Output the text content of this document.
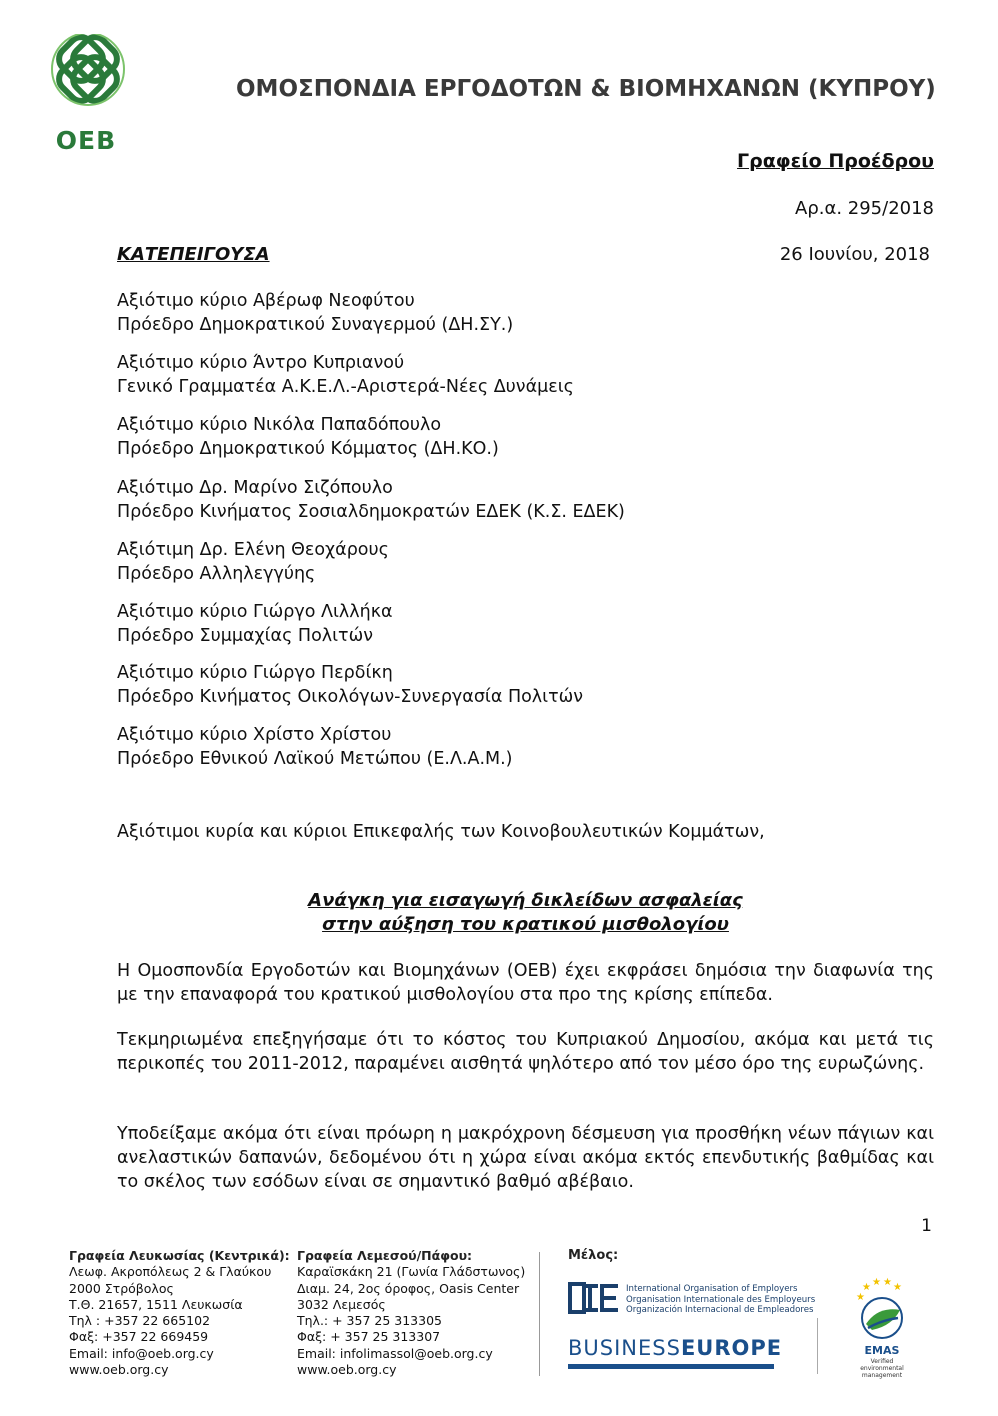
OEB
ΟΜΟΣΠΟΝΔΙΑ ΕΡΓΟΔΟΤΩΝ & ΒΙΟΜΗΧΑΝΩΝ (ΚΥΠΡΟΥ)
Γραφείο Προέδρου
Αρ.α. 295/2018
ΚΑΤΕΠΕΙΓΟΥΣΑ	26 Ιουνίου, 2018
Αξιότιμο κύριο Αβέρωφ Νεοφύτου
Πρόεδρο Δημοκρατικού Συναγερμού (ΔΗ.ΣΥ.)
Αξιότιμο κύριο Άντρο Κυπριανού
Γενικό Γραμματέα Α.Κ.Ε.Λ.-Αριστερά-Νέες Δυνάμεις
Αξιότιμο κύριο Νικόλα Παπαδόπουλο
Πρόεδρο Δημοκρατικού Κόμματος (ΔΗ.ΚΟ.)
Αξιότιμο Δρ. Μαρίνο Σιζόπουλο
Πρόεδρο Κινήματος Σοσιαλδημοκρατών ΕΔΕΚ (Κ.Σ. ΕΔΕΚ)
Αξιότιμη Δρ. Ελένη Θεοχάρους
Πρόεδρο Αλληλεγγύης
Αξιότιμο κύριο Γιώργο Λιλλήκα
Πρόεδρο Συμμαχίας Πολιτών
Αξιότιμο κύριο Γιώργο Περδίκη
Πρόεδρο Κινήματος Οικολόγων-Συνεργασία Πολιτών
Αξιότιμο κύριο Χρίστο Χρίστου
Πρόεδρο Εθνικού Λαϊκού Μετώπου (Ε.Λ.Α.Μ.)
Αξιότιμοι κυρία και κύριοι Επικεφαλής των Κοινοβουλευτικών Κομμάτων,
Ανάγκη για εισαγωγή δικλείδων ασφαλείας
στην αύξηση του κρατικού μισθολογίου
Η Ομοσπονδία Εργοδοτών και Βιομηχάνων (ΟΕΒ) έχει εκφράσει δημόσια την διαφωνία της με την επαναφορά του κρατικού μισθολογίου στα προ της κρίσης επίπεδα.
Τεκμηριωμένα επεξηγήσαμε ότι το κόστος του Κυπριακού Δημοσίου, ακόμα και μετά τις περικοπές του 2011-2012, παραμένει αισθητά ψηλότερο από τον μέσο όρο της ευρωζώνης.
Υποδείξαμε ακόμα ότι είναι πρόωρη η μακρόχρονη δέσμευση για προσθήκη νέων πάγιων και ανελαστικών δαπανών, δεδομένου ότι η χώρα είναι ακόμα εκτός επενδυτικής βαθμίδας και το σκέλος των εσόδων είναι σε σημαντικό βαθμό αβέβαιο.
1
Γραφεία Λευκωσίας (Κεντρικά):
Λεωφ. Ακροπόλεως 2 & Γλαύκου
2000 Στρόβολος
Τ.Θ. 21657, 1511 Λευκωσία
Τηλ : +357 22 665102
Φαξ: +357 22 669459
Email: info@oeb.org.cy
www.oeb.org.cy
Γραφεία Λεμεσού/Πάφου:
Καραϊσκάκη 21 (Γωνία Γλάδστωνος)
Διαμ. 24, 2ος όροφος, Oasis Center
3032 Λεμεσός
Τηλ.: + 357 25 313305
Φαξ: + 357 25 313307
Email: infolimassol@oeb.org.cy
www.oeb.org.cy
Μέλος:
International Organisation of Employers
Organisation Internationale des Employeurs
Organización Internacional de Empleadores
BUSINESSEUROPE
★ ★ ★ ★
★
EMAS
Verified
environmental
management
